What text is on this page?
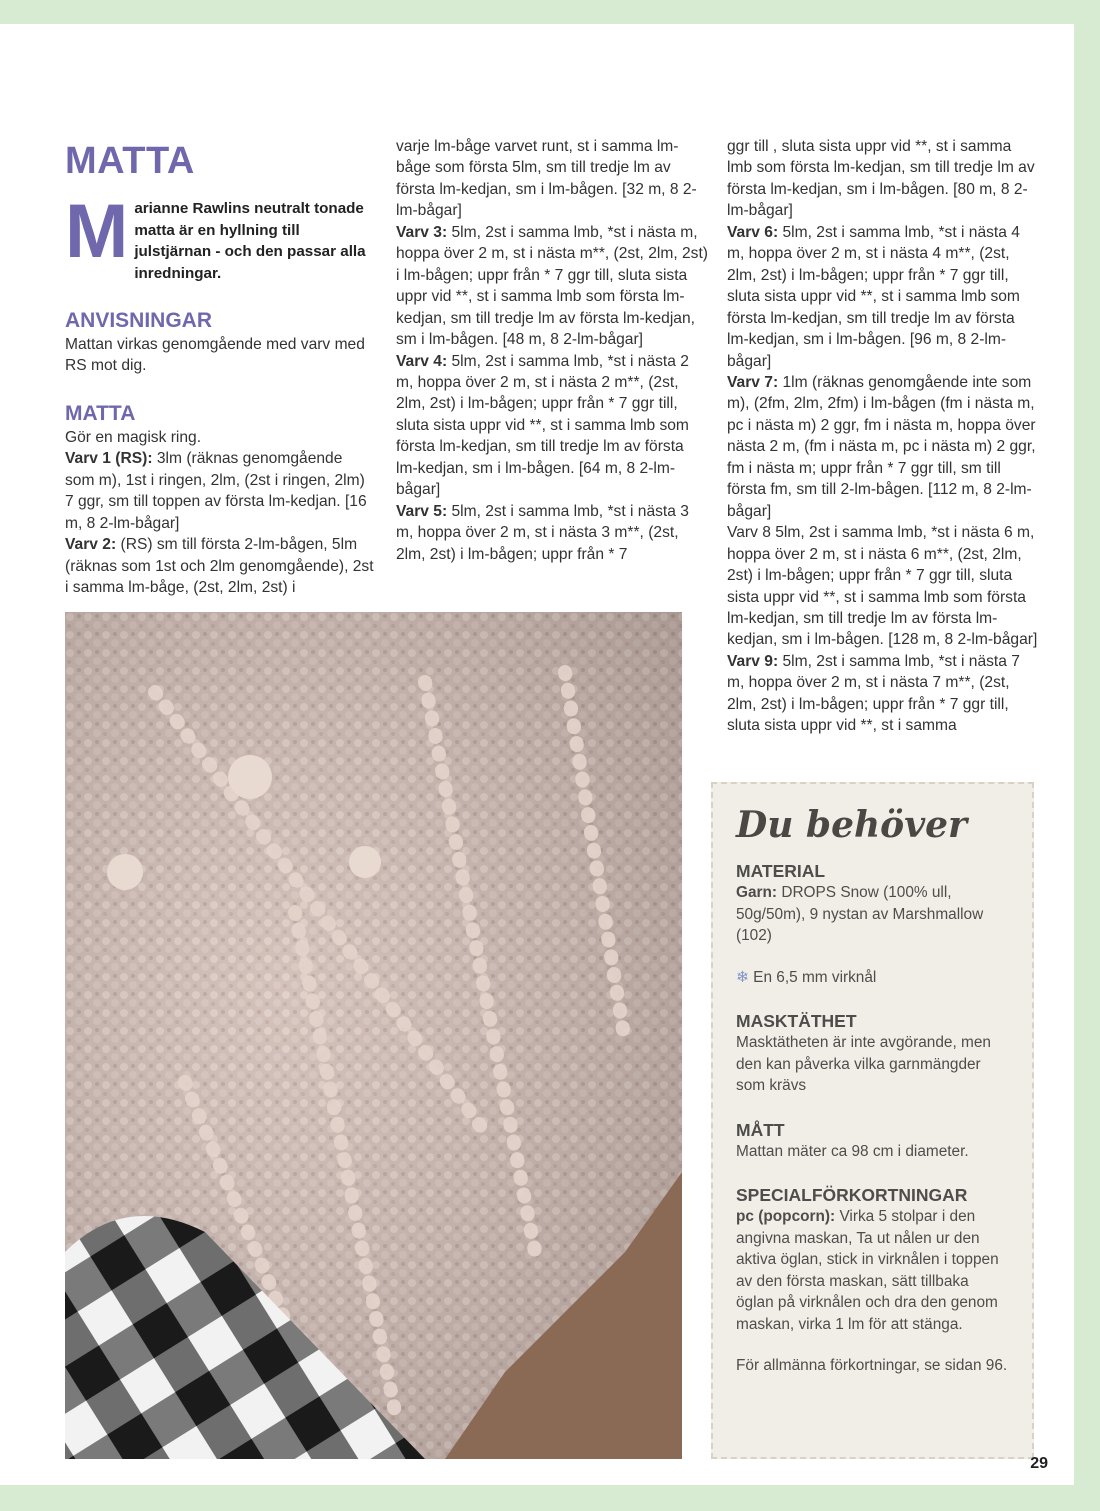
MATTA
Marianne Rawlins neutralt tonade matta är en hyllning till julstjärnan - och den passar alla inredningar.
ANVISNINGAR

Mattan virkas genomgående med varv med RS mot dig.

MATTA

Gör en magisk ring.

Varv 1 (RS): 3lm (räknas genomgående som m), 1st i ringen, 2lm, (2st i ringen, 2lm) 7 ggr, sm till toppen av första lm-kedjan. [16 m, 8 2-lm-bågar]

Varv 2: (RS) sm till första 2-lm-bågen, 5lm (räknas som 1st och 2lm genomgående), 2st i samma lm-båge, (2st, 2lm, 2st) i

varje lm-båge varvet runt, st i samma lm-båge som första 5lm, sm till tredje lm av första lm-kedjan, sm i lm-bågen. [32 m, 8 2-lm-bågar]

Varv 3: 5lm, 2st i samma lmb, *st i nästa m, hoppa över 2 m, st i nästa m**, (2st, 2lm, 2st) i lm-bågen; uppr från * 7 ggr till, sluta sista uppr vid **, st i samma lmb som första lm-kedjan, sm till tredje lm av första lm-kedjan, sm i lm-bågen. [48 m, 8 2-lm-bågar]

Varv 4: 5lm, 2st i samma lmb, *st i nästa 2 m, hoppa över 2 m, st i nästa 2 m**, (2st, 2lm, 2st) i lm-bågen; uppr från * 7 ggr till, sluta sista uppr vid **, st i samma lmb som första lm-kedjan, sm till tredje lm av första lm-kedjan, sm i lm-bågen. [64 m, 8 2-lm-bågar]

Varv 5: 5lm, 2st i samma lmb, *st i nästa 3 m, hoppa över 2 m, st i nästa 3 m**, (2st, 2lm, 2st) i lm-bågen; uppr från * 7

ggr till , sluta sista uppr vid **, st i samma lmb som första lm-kedjan, sm till tredje lm av första lm-kedjan, sm i lm-bågen. [80 m, 8 2-lm-bågar]

Varv 6: 5lm, 2st i samma lmb, *st i nästa 4 m, hoppa över 2 m, st i nästa 4 m**, (2st, 2lm, 2st) i lm-bågen; uppr från * 7 ggr till, sluta sista uppr vid **, st i samma lmb som första lm-kedjan, sm till tredje lm av första lm-kedjan, sm i lm-bågen. [96 m, 8 2-lm-bågar]

Varv 7: 1lm (räknas genomgående inte som m), (2fm, 2lm, 2fm) i lm-bågen (fm i nästa m, pc i nästa m) 2 ggr, fm i nästa m, hoppa över nästa 2 m, (fm i nästa m, pc i nästa m) 2 ggr, fm i nästa m; uppr från * 7 ggr till, sm till första fm, sm till 2-lm-bågen. [112 m, 8 2-lm-bågar]

Varv 8 5lm, 2st i samma lmb, *st i nästa 6 m, hoppa över 2 m, st i nästa 6 m**, (2st, 2lm, 2st) i lm-bågen; uppr från * 7 ggr till, sluta sista uppr vid **, st i samma lmb som första lm-kedjan, sm till tredje lm av första lm-kedjan, sm i lm-bågen. [128 m, 8 2-lm-bågar]

Varv 9: 5lm, 2st i samma lmb, *st i nästa 7 m, hoppa över 2 m, st i nästa 7 m**, (2st, 2lm, 2st) i lm-bågen; uppr från * 7 ggr till, sluta sista uppr vid **, st i samma

Du behöver
MATERIAL

Garn: DROPS Snow (100% ull, 50g/50m), 9 nystan av Marshmallow (102)

❄ En 6,5 mm virknål

MASKTÄTHET

Masktätheten är inte avgörande, men den kan påverka vilka garnmängder som krävs

MÅTT

Mattan mäter ca 98 cm i diameter.

SPECIALFÖRKORTNINGAR

pc (popcorn): Virka 5 stolpar i den angivna maskan, Ta ut nålen ur den aktiva öglan, stick in virknålen i toppen av den första maskan, sätt tillbaka öglan på virknålen och dra den genom maskan, virka 1 lm för att stänga.

För allmänna förkortningar, se sidan 96.

29
